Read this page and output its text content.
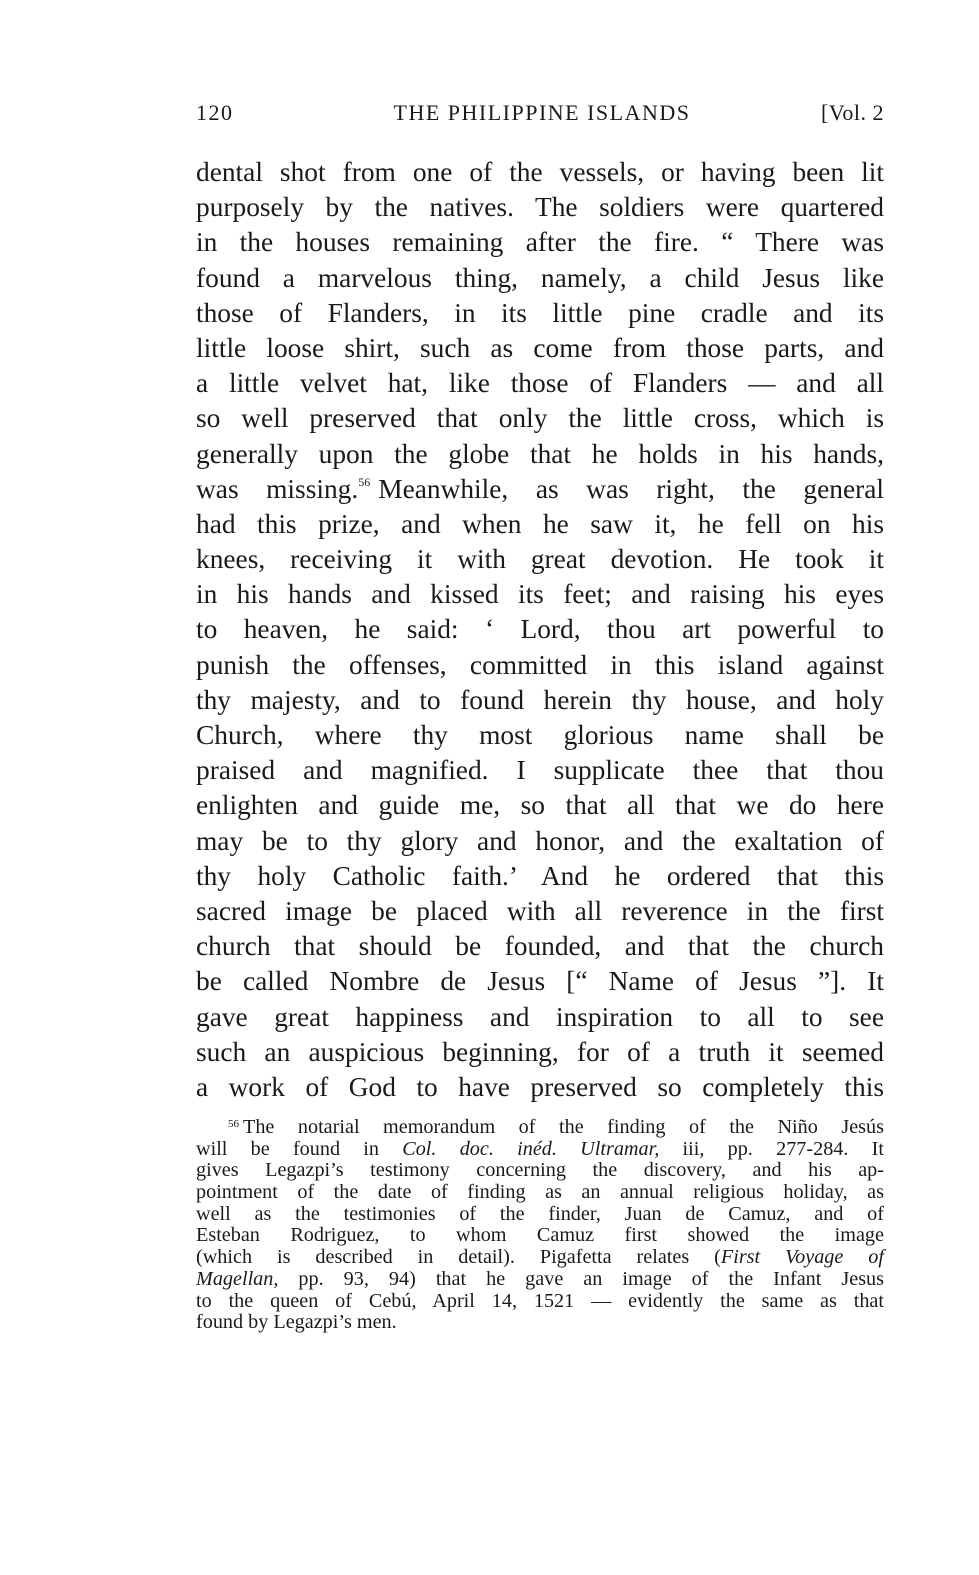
120	THE PHILIPPINE ISLANDS	[Vol. 2
dental shot from one of the vessels, or having been lit
purposely by the natives. The soldiers were quartered
in the houses remaining after the fire. “ There was
found a marvelous thing, namely, a child Jesus like
those of Flanders, in its little pine cradle and its
little loose shirt, such as come from those parts, and
a little velvet hat, like those of Flanders — and all
so well preserved that only the little cross, which is
generally upon the globe that he holds in his hands,
was missing.$^{56}$ Meanwhile, as was right, the general
had this prize, and when he saw it, he fell on his
knees, receiving it with great devotion. He took it
in his hands and kissed its feet; and raising his eyes
to heaven, he said: ‘ Lord, thou art powerful to
punish the offenses, committed in this island against
thy majesty, and to found herein thy house, and holy
Church, where thy most glorious name shall be
praised and magnified. I supplicate thee that thou
enlighten and guide me, so that all that we do here
may be to thy glory and honor, and the exaltation of
thy holy Catholic faith.’ And he ordered that this
sacred image be placed with all reverence in the first
church that should be founded, and that the church
be called Nombre de Jesus [“ Name of Jesus ”]. It
gave great happiness and inspiration to all to see
such an auspicious beginning, for of a truth it seemed
a work of God to have preserved so completely this
$^{56}$ The notarial memorandum of the finding of the Niño Jesús
will be found in Col. doc. inéd. Ultramar, iii, pp. 277-284. It
gives Legazpi’s testimony concerning the discovery, and his ap-
pointment of the date of finding as an annual religious holiday, as
well as the testimonies of the finder, Juan de Camuz, and of
Esteban Rodriguez, to whom Camuz first showed the image
(which is described in detail). Pigafetta relates (First Voyage of
Magellan, pp. 93, 94) that he gave an image of the Infant Jesus
to the queen of Cebú, April 14, 1521 — evidently the same as that
found by Legazpi’s men.
